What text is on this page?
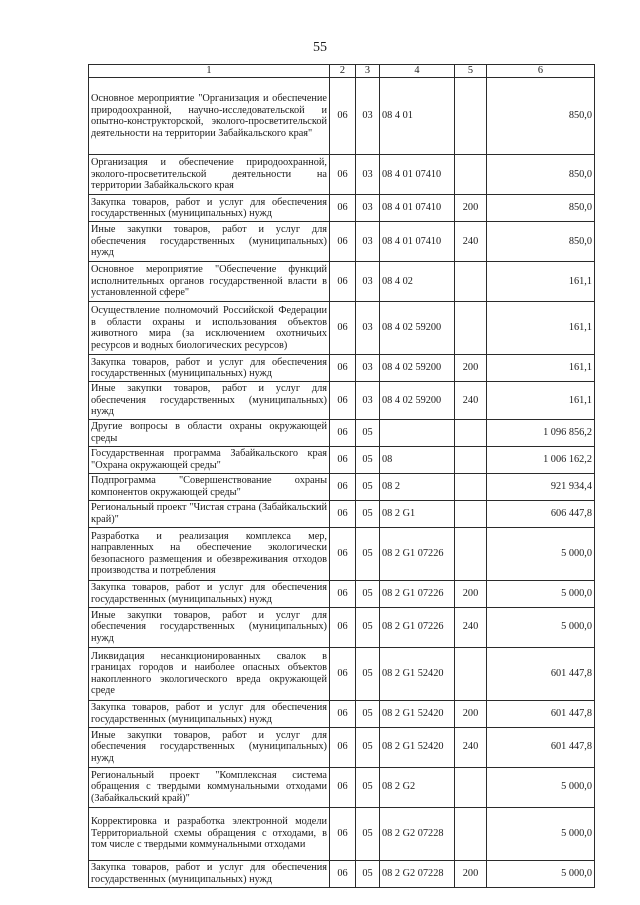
55
1	2	3	4	5	6
Основное мероприятие "Организация и обеспечение природоохранной, научно-исследовательской и опытно-конструкторской, эколого-просветительской деятельности на территории Забайкальского края"	06	03	08 4 01		850,0
Организация и обеспечение природоохранной, эколого-просветительской деятельности на территории Забайкальского края	06	03	08 4 01 07410		850,0
Закупка товаров, работ и услуг для обеспечения государственных (муниципальных) нужд	06	03	08 4 01 07410	200	850,0
Иные закупки товаров, работ и услуг для обеспечения государственных (муниципальных) нужд	06	03	08 4 01 07410	240	850,0
Основное мероприятие "Обеспечение функций исполнительных органов государственной власти в установленной сфере"	06	03	08 4 02		161,1
Осуществление полномочий Российской Федерации в области охраны и использования объектов животного мира (за исключением охотничьих ресурсов и водных биологических ресурсов)	06	03	08 4 02 59200		161,1
Закупка товаров, работ и услуг для обеспечения государственных (муниципальных) нужд	06	03	08 4 02 59200	200	161,1
Иные закупки товаров, работ и услуг для обеспечения государственных (муниципальных) нужд	06	03	08 4 02 59200	240	161,1
Другие вопросы в области охраны окружающей среды	06	05			1 096 856,2
Государственная программа Забайкальского края "Охрана окружающей среды"	06	05	08		1 006 162,2
Подпрограмма "Совершенствование охраны компонентов окружающей среды"	06	05	08 2		921 934,4
Региональный проект "Чистая страна (Забайкальский край)"	06	05	08 2 G1		606 447,8
Разработка и реализация комплекса мер, направленных на обеспечение экологически безопасного размещения и обезвреживания отходов производства и потребления	06	05	08 2 G1 07226		5 000,0
Закупка товаров, работ и услуг для обеспечения государственных (муниципальных) нужд	06	05	08 2 G1 07226	200	5 000,0
Иные закупки товаров, работ и услуг для обеспечения государственных (муниципальных) нужд	06	05	08 2 G1 07226	240	5 000,0
Ликвидация несанкционированных свалок в границах городов и наиболее опасных объектов накопленного экологического вреда окружающей среде	06	05	08 2 G1 52420		601 447,8
Закупка товаров, работ и услуг для обеспечения государственных (муниципальных) нужд	06	05	08 2 G1 52420	200	601 447,8
Иные закупки товаров, работ и услуг для обеспечения государственных (муниципальных) нужд	06	05	08 2 G1 52420	240	601 447,8
Региональный проект "Комплексная система обращения с твердыми коммунальными отходами (Забайкальский край)"	06	05	08 2 G2		5 000,0
Корректировка и разработка электронной модели Территориальной схемы обращения с отходами, в том числе с твердыми коммунальными отходами	06	05	08 2 G2 07228		5 000,0
Закупка товаров, работ и услуг для обеспечения государственных (муниципальных) нужд	06	05	08 2 G2 07228	200	5 000,0
